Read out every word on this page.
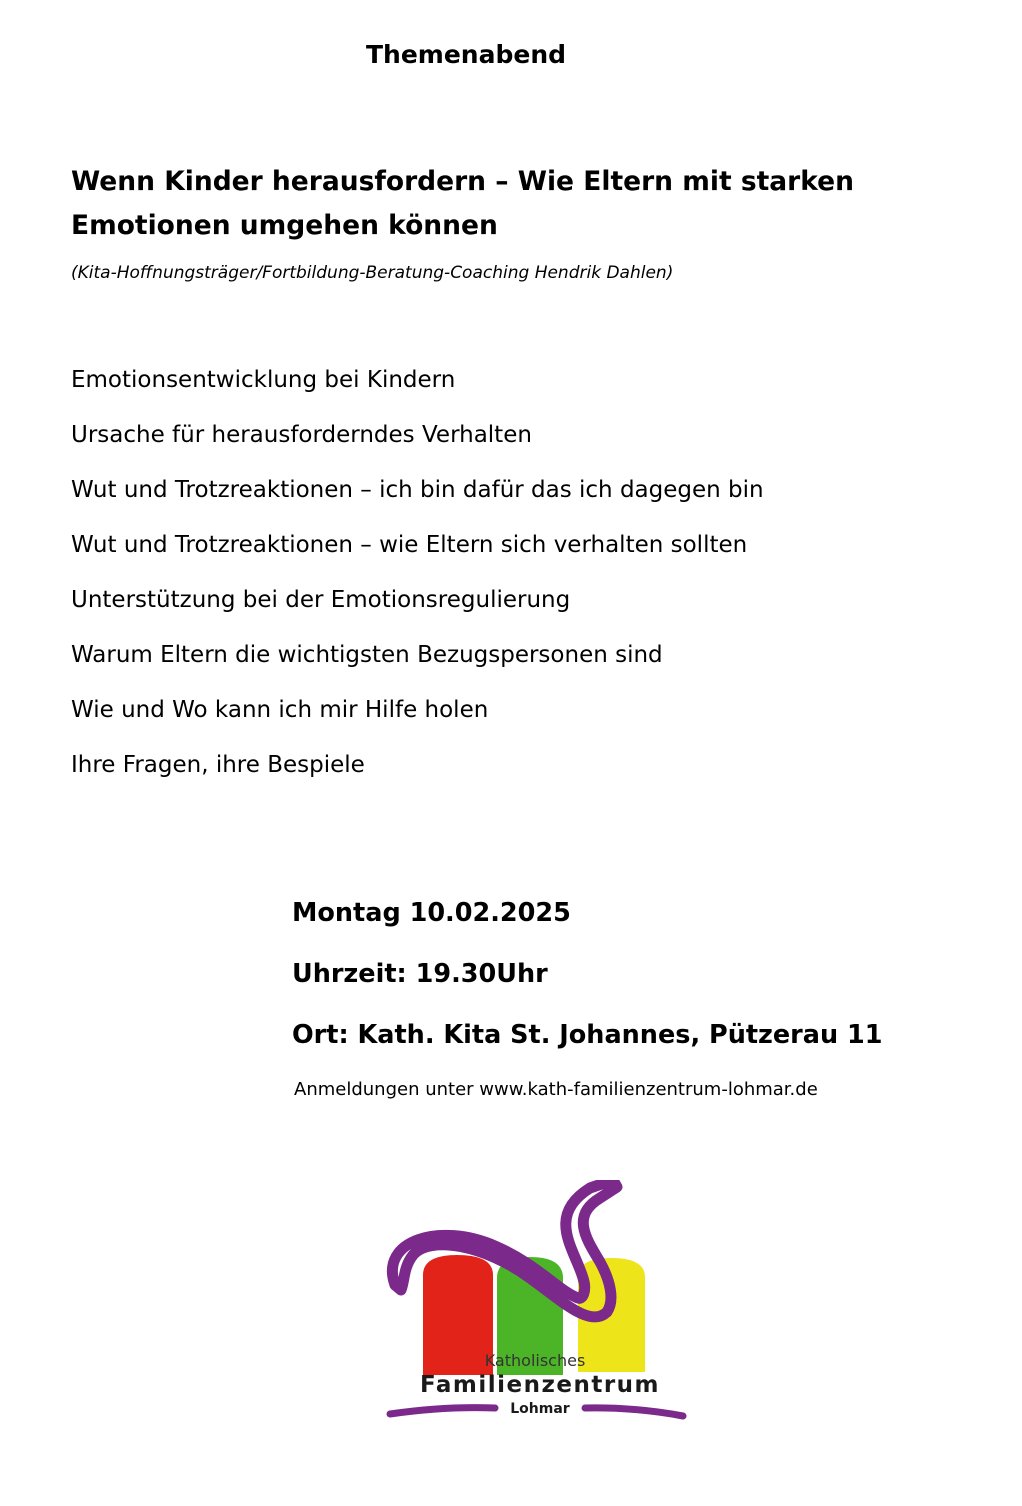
Themenabend
Wenn Kinder herausfordern – Wie Eltern mit starken Emotionen umgehen können
(Kita-Hoffnungsträger/Fortbildung-Beratung-Coaching Hendrik Dahlen)
Emotionsentwicklung bei Kindern
Ursache für herausforderndes Verhalten
Wut und Trotzreaktionen – ich bin dafür das ich dagegen bin
Wut und Trotzreaktionen – wie Eltern sich verhalten sollten
Unterstützung bei der Emotionsregulierung
Warum Eltern die wichtigsten Bezugspersonen sind
Wie und Wo kann ich mir Hilfe holen
Ihre Fragen, ihre Bespiele
Montag 10.02.2025
Uhrzeit: 19.30Uhr
Ort: Kath. Kita St. Johannes, Pützerau 11
Anmeldungen unter www.kath-familienzentrum-lohmar.de
Katholisches
Familienzentrum
Lohmar
